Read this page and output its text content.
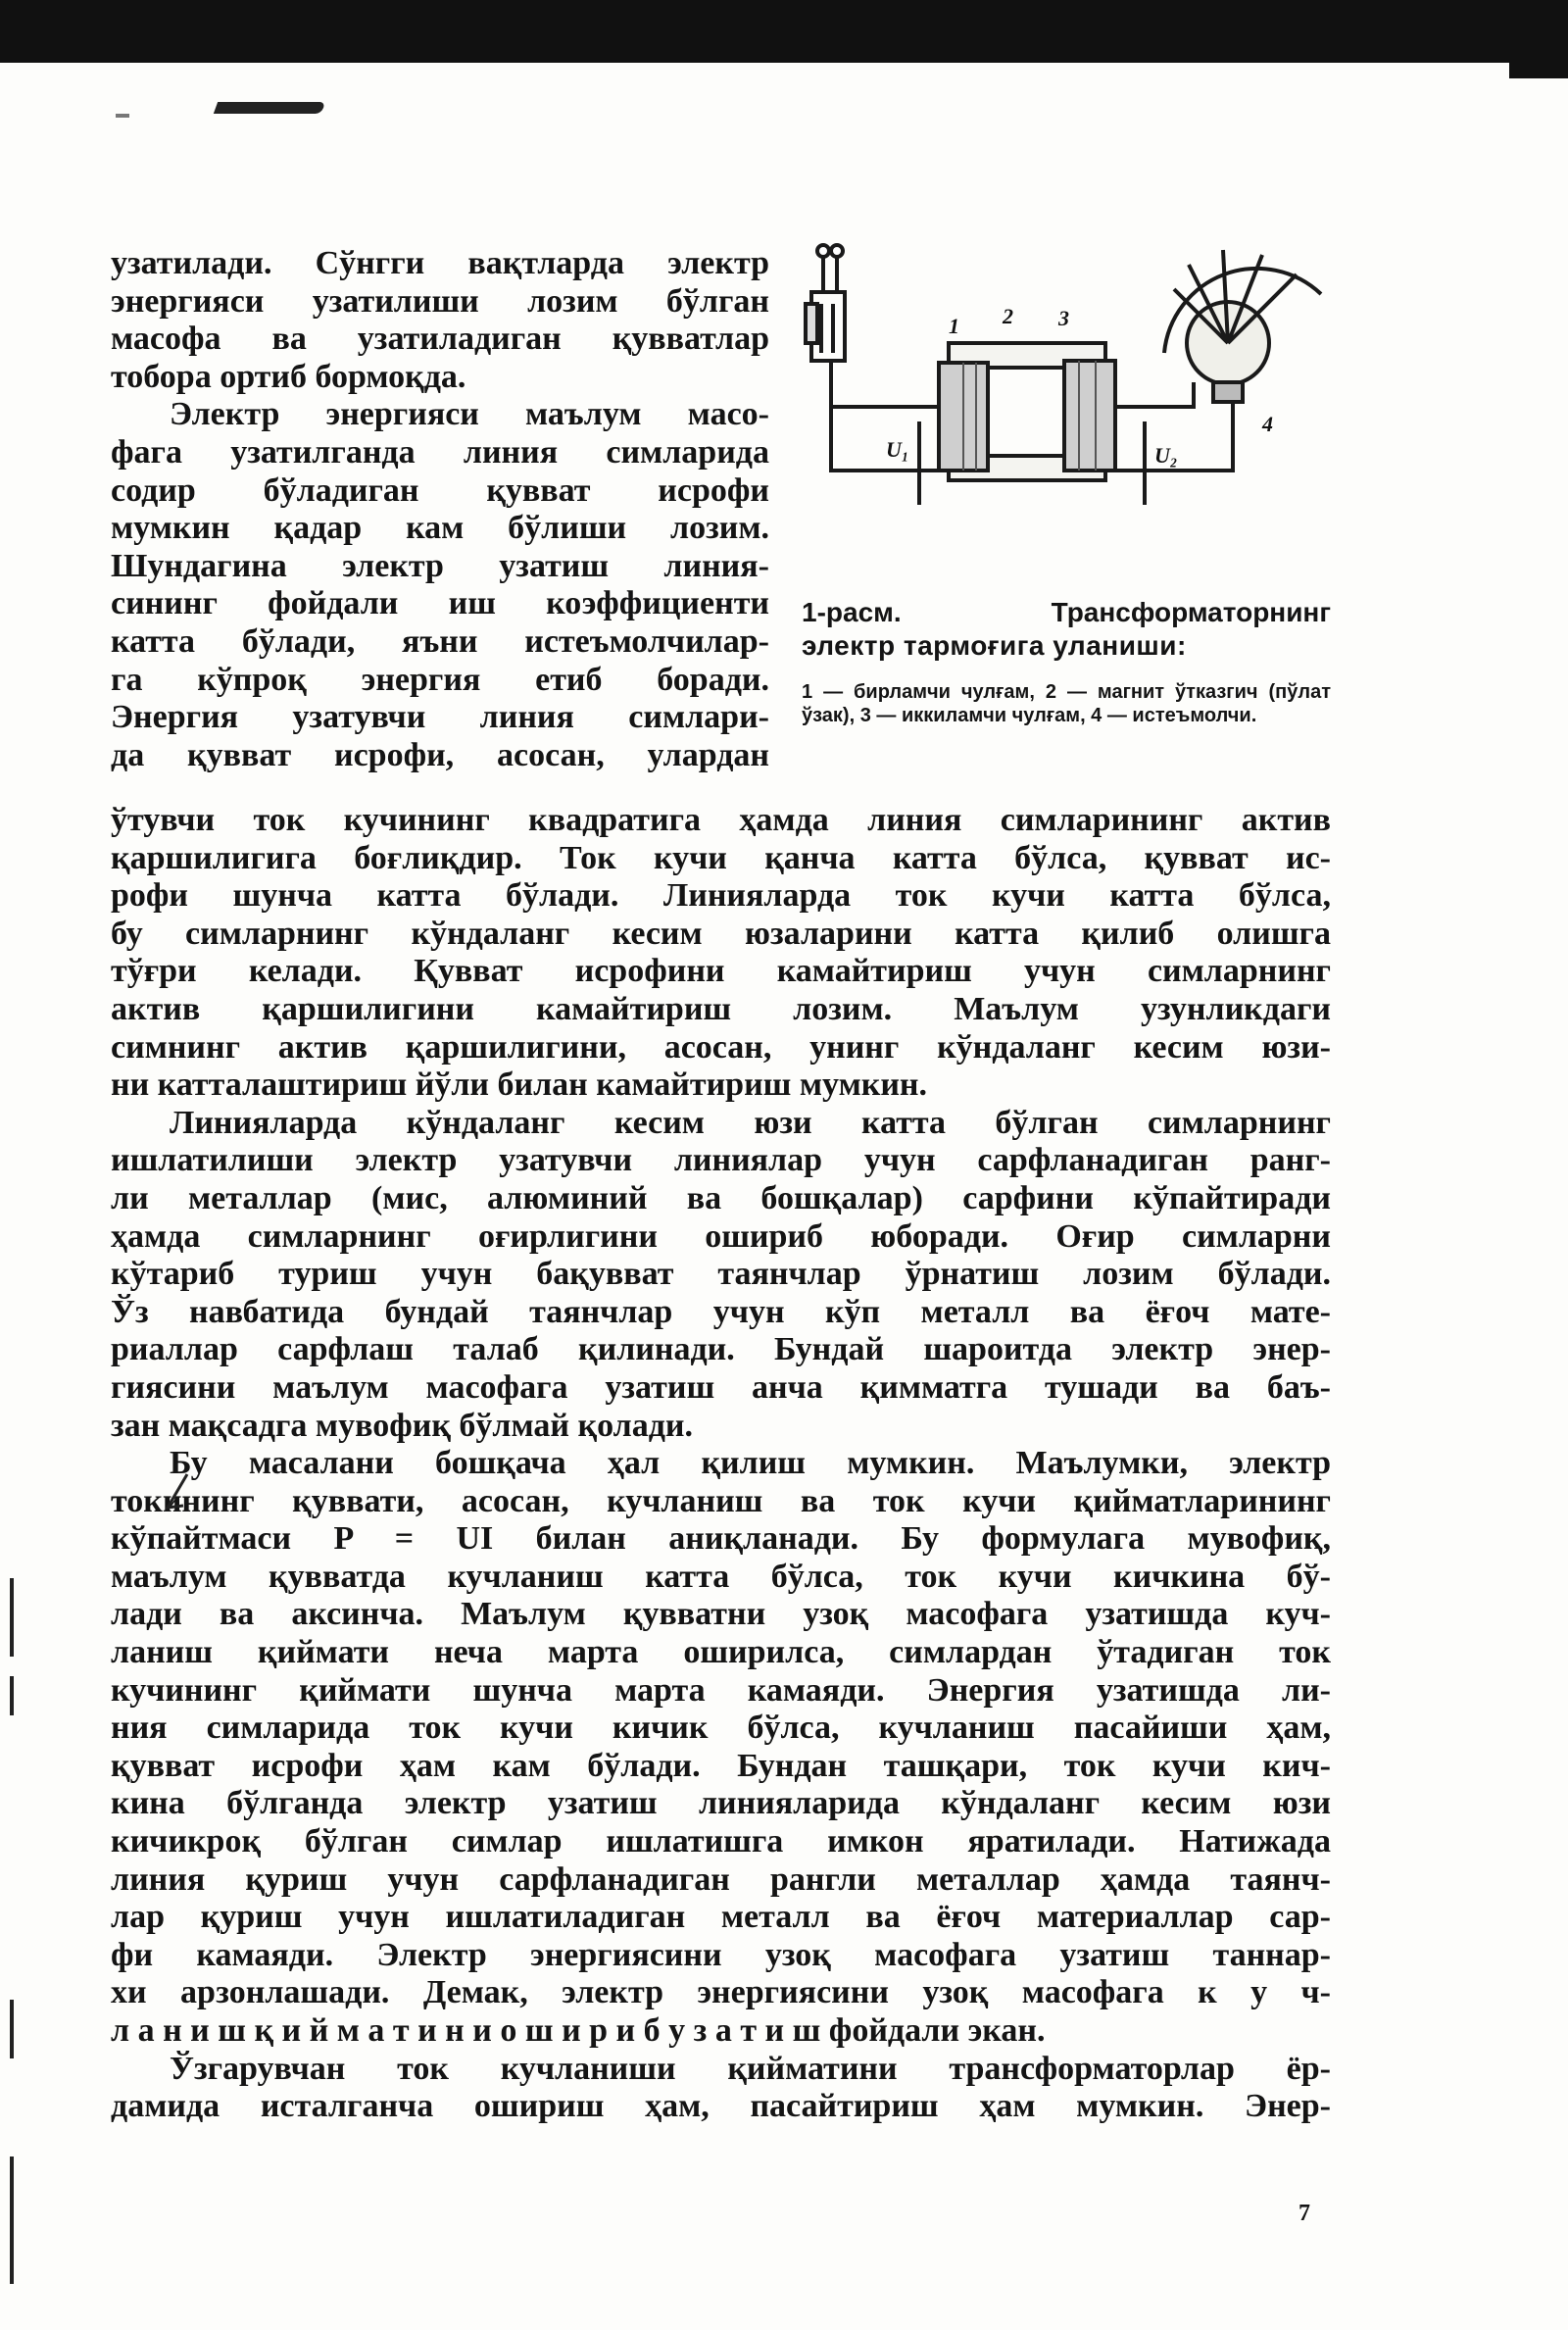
узатилади. Сўнгги вақтларда электр
энергияси узатилиши лозим бўлган
масофа ва узатиладиган қувватлар
тобора ортиб бормоқда.
Электр энергияси маълум масо-
фага узатилганда линия симларида
содир бўладиган қувват исрофи
мумкин қадар кам бўлиши лозим.
Шундагина электр узатиш линия-
сининг фойдали иш коэффициенти
катта бўлади, яъни истеъмолчилар-
га кўпроқ энергия етиб боради.
Энергия узатувчи линия симлари-
да қувват исрофи, асосан, улардан
1 2 3
4
U₁	U₂
1-расм. Трансформаторнинг
электр тармоғига уланиши:
1 — бирламчи чулғам, 2 — магнит ўтказгич (пўлат ўзак), 3 — иккиламчи чулғам, 4 — истеъмолчи.
ўтувчи ток кучининг квадратига ҳамда линия симларининг актив
қаршилигига боғлиқдир. Ток кучи қанча катта бўлса, қувват ис-
рофи шунча катта бўлади. Линияларда ток кучи катта бўлса,
бу симларнинг кўндаланг кесим юзаларини катта қилиб олишга
тўғри келади. Қувват исрофини камайтириш учун симларнинг
актив қаршилигини камайтириш лозим. Маълум узунликдаги
симнинг актив қаршилигини, асосан, унинг кўндаланг кесим юзи-
ни катталаштириш йўли билан камайтириш мумкин.
Линияларда кўндаланг кесим юзи катта бўлган симларнинг
ишлатилиши электр узатувчи линиялар учун сарфланадиган ранг-
ли металлар (мис, алюминий ва бошқалар) сарфини кўпайтиради
ҳамда симларнинг оғирлигини ошириб юборади. Оғир симларни
кўтариб туриш учун бақувват таянчлар ўрнатиш лозим бўлади.
Ўз навбатида бундай таянчлар учун кўп металл ва ёғоч мате-
риаллар сарфлаш талаб қилинади. Бундай шароитда электр энер-
гиясини маълум масофага узатиш анча қимматга тушади ва баъ-
зан мақсадга мувофиқ бўлмай қолади.
Бу масалани бошқача ҳал қилиш мумкин. Маълумки, электр
токининг қуввати, асосан, кучланиш ва ток кучи қийматларининг
кўпайтмаси P = UI билан аниқланади. Бу формулага мувофиқ,
маълум қувватда кучланиш катта бўлса, ток кучи кичкина бў-
лади ва аксинча. Маълум қувватни узоқ масофага узатишда куч-
ланиш қиймати неча марта оширилса, симлардан ўтадиган ток
кучининг қиймати шунча марта камаяди. Энергия узатишда ли-
ния симларида ток кучи кичик бўлса, кучланиш пасайиши ҳам,
қувват исрофи ҳам кам бўлади. Бундан ташқари, ток кучи кич-
кина бўлганда электр узатиш линияларида кўндаланг кесим юзи
кичикроқ бўлган симлар ишлатишга имкон яратилади. Натижада
линия қуриш учун сарфланадиган рангли металлар ҳамда таянч-
лар қуриш учун ишлатиладиган металл ва ёғоч материаллар сар-
фи камаяди. Электр энергиясини узоқ масофага узатиш таннар-
хи арзонлашади. Демак, электр энергиясини узоқ масофага к у ч-
л а н и ш қ и й м а т и н и о ш и р и б у з а т и ш фойдали экан.
Ўзгарувчан ток кучланиши қийматини трансформаторлар ёр-
дамида исталганча ошириш ҳам, пасайтириш ҳам мумкин. Энер-
7
